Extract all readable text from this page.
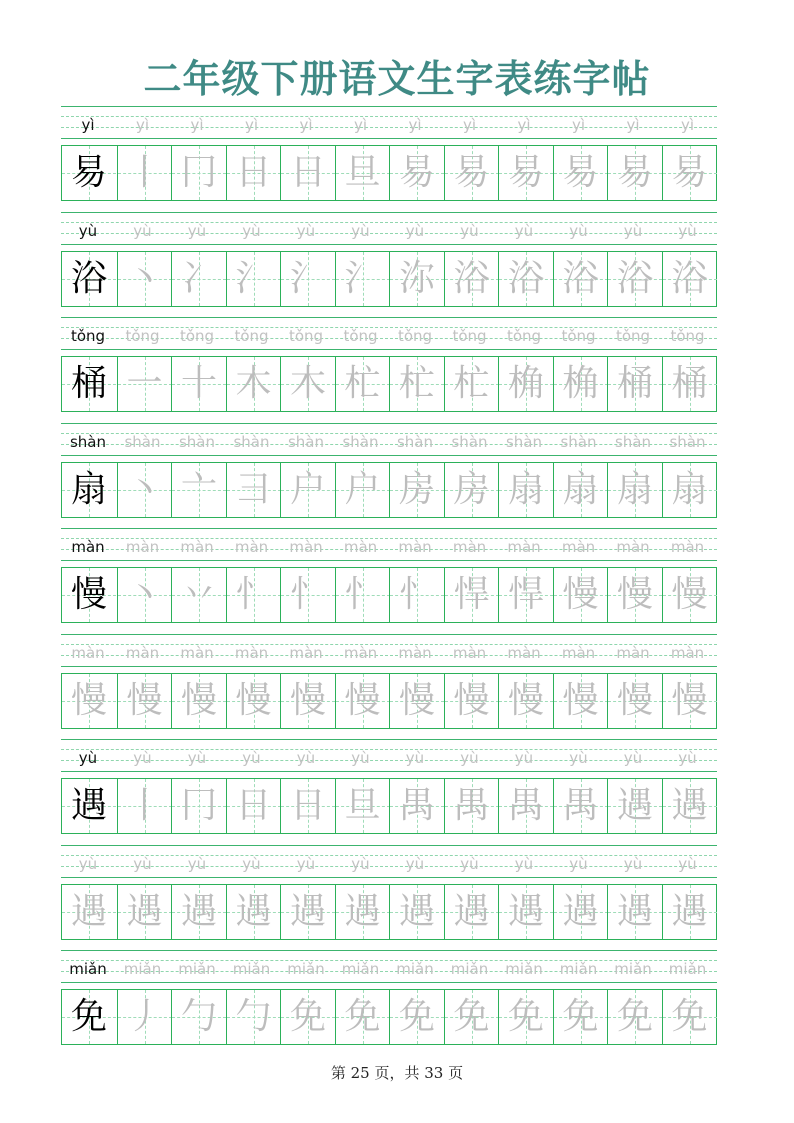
二年级下册语文生字表练字帖
yì	yì	yì	yì	yì	yì	yì	yì	yì	yì	yì	yì
易 丨 冂 日 日 旦 易 易 易 易 易 易
yù	yù	yù	yù	yù	yù	yù	yù	yù	yù	yù	yù
浴 丶 冫 氵 氵 氵 沵 浴 浴 浴 浴 浴
tǒng	tǒng	tǒng	tǒng	tǒng	tǒng	tǒng	tǒng	tǒng	tǒng	tǒng	tǒng
桶 一 十 木 木 杧 杧 杧 桷 桷 桶 桶
shàn	shàn	shàn	shàn	shàn	shàn	shàn	shàn	shàn	shàn	shàn	shàn
扇 丶 亠 彐 户 户 房 房 扇 扇 扇 扇
màn	màn	màn	màn	màn	màn	màn	màn	màn	màn	màn	màn
慢 丶 丷 忄 忄 忄 忄 悍 悍 慢 慢 慢
màn	màn	màn	màn	màn	màn	màn	màn	màn	màn	màn	màn
慢 慢 慢 慢 慢 慢 慢 慢 慢 慢 慢 慢
yù	yù	yù	yù	yù	yù	yù	yù	yù	yù	yù	yù
遇 丨 冂 日 日 旦 禺 禺 禺 禺 遇 遇
yù	yù	yù	yù	yù	yù	yù	yù	yù	yù	yù	yù
遇 遇 遇 遇 遇 遇 遇 遇 遇 遇 遇 遇
miǎn	miǎn	miǎn	miǎn	miǎn	miǎn	miǎn	miǎn	miǎn	miǎn	miǎn	miǎn
免 丿 勹 勹 免 免 免 免 免 免 免 免
第 25 页，共 33 页
